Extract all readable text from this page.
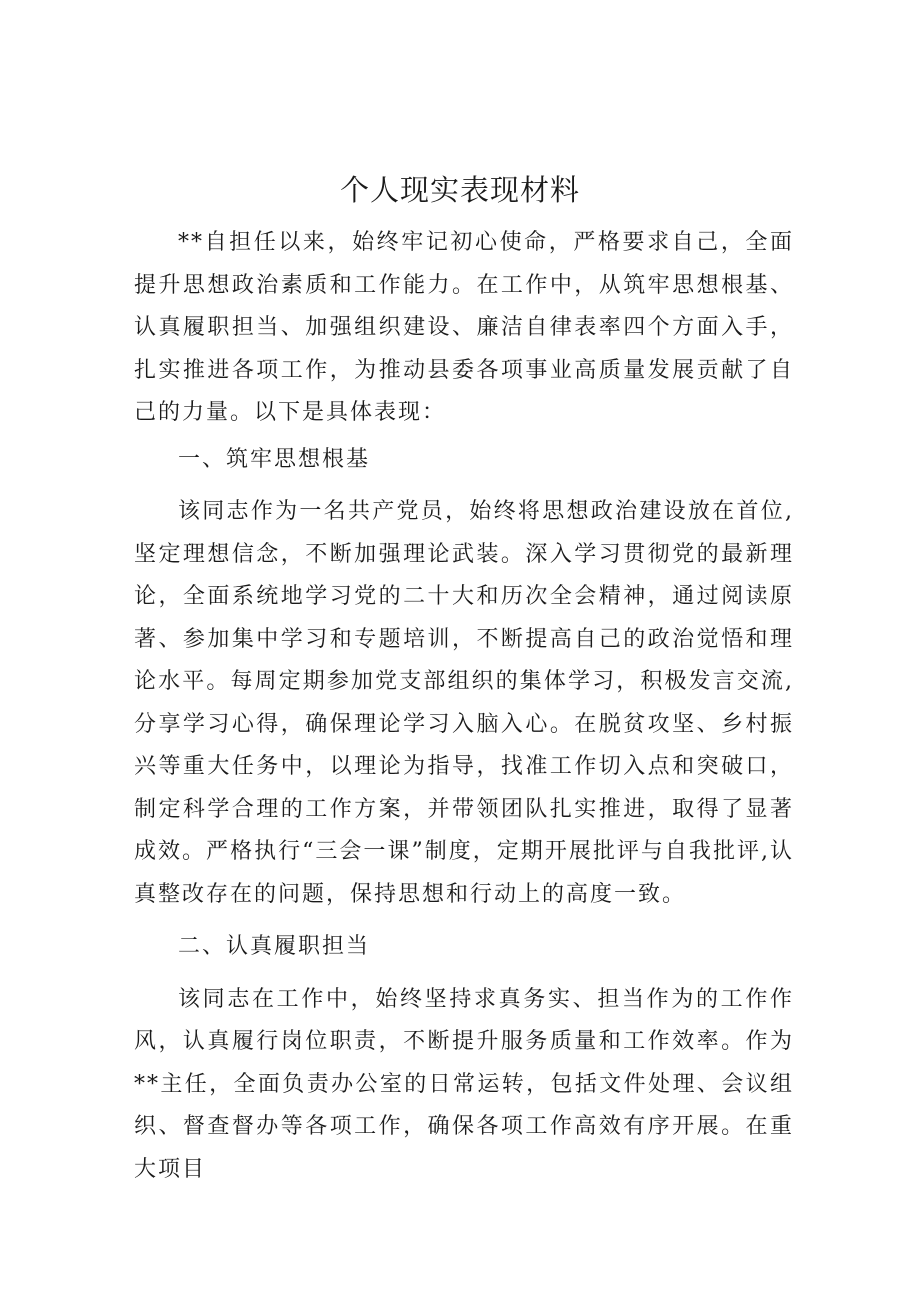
个人现实表现材料

**自担任以来，始终牢记初心使命，严格要求自己，全面提升思想政治素质和工作能力。在工作中，从筑牢思想根基、认真履职担当、加强组织建设、廉洁自律表率四个方面入手，扎实推进各项工作，为推动县委各项事业高质量发展贡献了自己的力量。以下是具体表现：

一、筑牢思想根基

该同志作为一名共产党员，始终将思想政治建设放在首位,坚定理想信念，不断加强理论武装。深入学习贯彻党的最新理论，全面系统地学习党的二十大和历次全会精神，通过阅读原著、参加集中学习和专题培训，不断提高自己的政治觉悟和理论水平。每周定期参加党支部组织的集体学习，积极发言交流,分享学习心得，确保理论学习入脑入心。在脱贫攻坚、乡村振兴等重大任务中，以理论为指导，找准工作切入点和突破口，制定科学合理的工作方案，并带领团队扎实推进，取得了显著成效。严格执行“三会一课”制度，定期开展批评与自我批评,认真整改存在的问题，保持思想和行动上的高度一致。

二、认真履职担当

该同志在工作中，始终坚持求真务实、担当作为的工作作风，认真履行岗位职责，不断提升服务质量和工作效率。作为**主任，全面负责办公室的日常运转，包括文件处理、会议组织、督查督办等各项工作，确保各项工作高效有序开展。在重大项目
